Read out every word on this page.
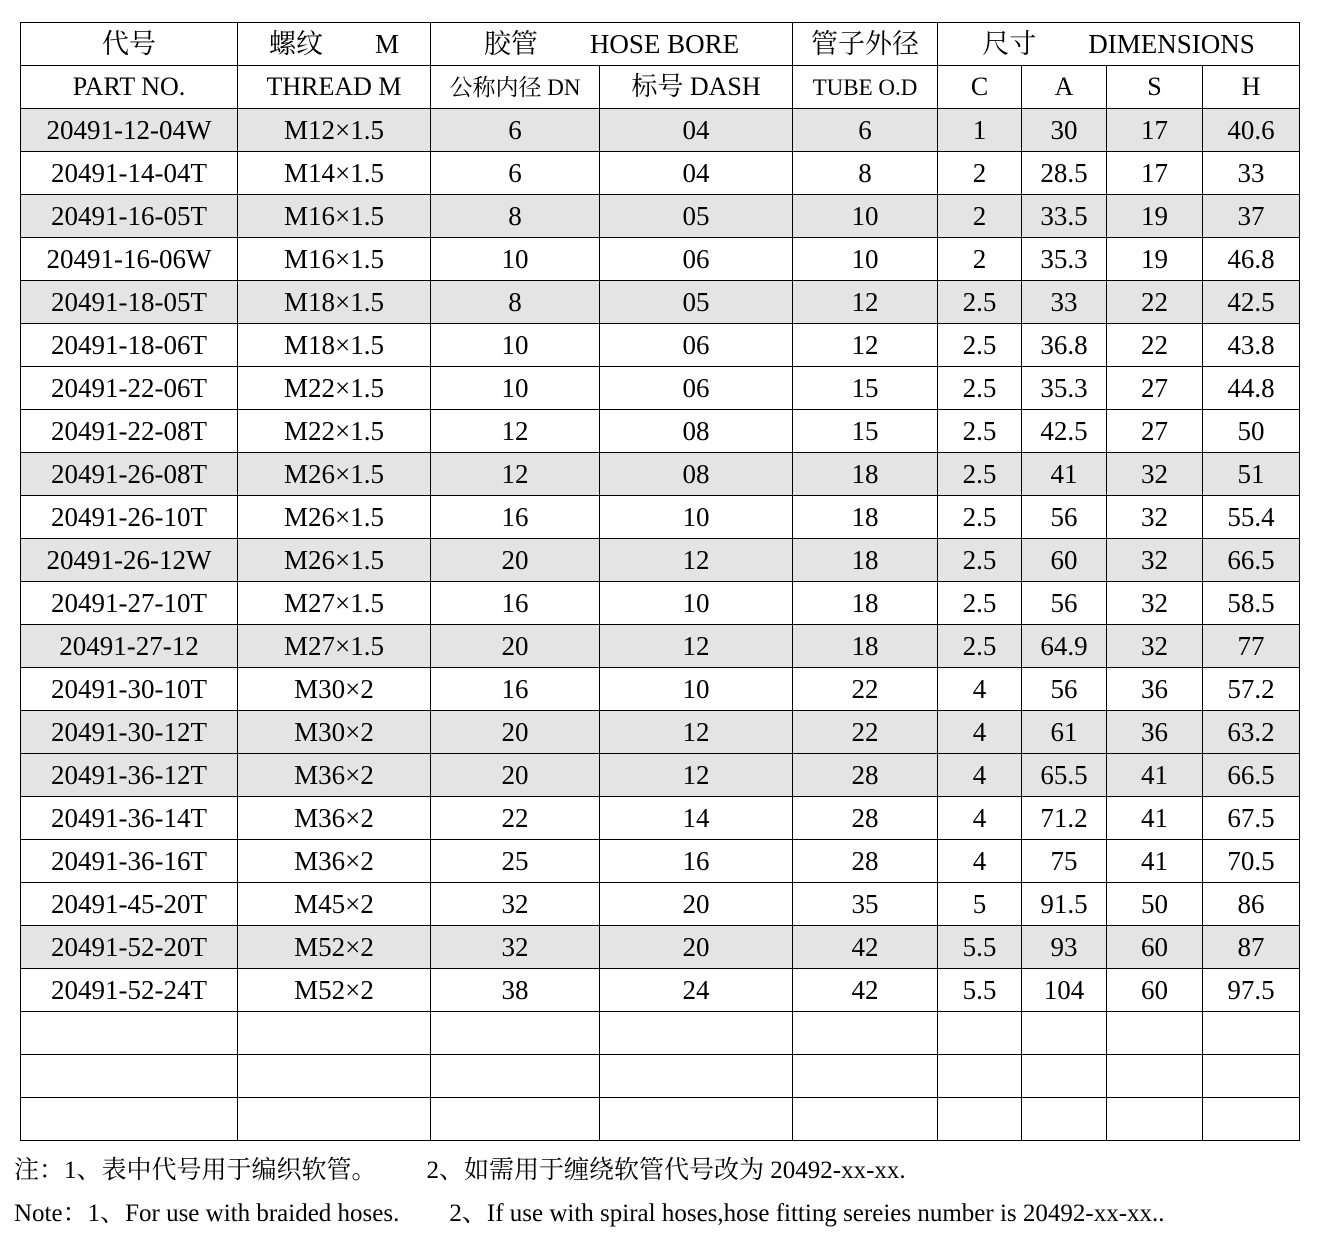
代号	螺纹 M	胶管 HOSE BORE		管子外径	尺寸 DIMENSIONS			
PART NO.	THREAD M	公称内径 DN	标号 DASH	TUBE O.D	C	A	S	H
20491-12-04W	M12×1.5	6	04	6	1	30	17	40.6
20491-14-04T	M14×1.5	6	04	8	2	28.5	17	33
20491-16-05T	M16×1.5	8	05	10	2	33.5	19	37
20491-16-06W	M16×1.5	10	06	10	2	35.3	19	46.8
20491-18-05T	M18×1.5	8	05	12	2.5	33	22	42.5
20491-18-06T	M18×1.5	10	06	12	2.5	36.8	22	43.8
20491-22-06T	M22×1.5	10	06	15	2.5	35.3	27	44.8
20491-22-08T	M22×1.5	12	08	15	2.5	42.5	27	50
20491-26-08T	M26×1.5	12	08	18	2.5	41	32	51
20491-26-10T	M26×1.5	16	10	18	2.5	56	32	55.4
20491-26-12W	M26×1.5	20	12	18	2.5	60	32	66.5
20491-27-10T	M27×1.5	16	10	18	2.5	56	32	58.5
20491-27-12	M27×1.5	20	12	18	2.5	64.9	32	77
20491-30-10T	M30×2	16	10	22	4	56	36	57.2
20491-30-12T	M30×2	20	12	22	4	61	36	63.2
20491-36-12T	M36×2	20	12	28	4	65.5	41	66.5
20491-36-14T	M36×2	22	14	28	4	71.2	41	67.5
20491-36-16T	M36×2	25	16	28	4	75	41	70.5
20491-45-20T	M45×2	32	20	35	5	91.5	50	86
20491-52-20T	M52×2	32	20	42	5.5	93	60	87
20491-52-24T	M52×2	38	24	42	5.5	104	60	97.5

注：1、表中代号用于编织软管。 2、如需用于缠绕软管代号改为 20492-xx-xx.
Note：1、For use with braided hoses. 2、If use with spiral hoses,hose fitting sereies number is 20492-xx-xx..
